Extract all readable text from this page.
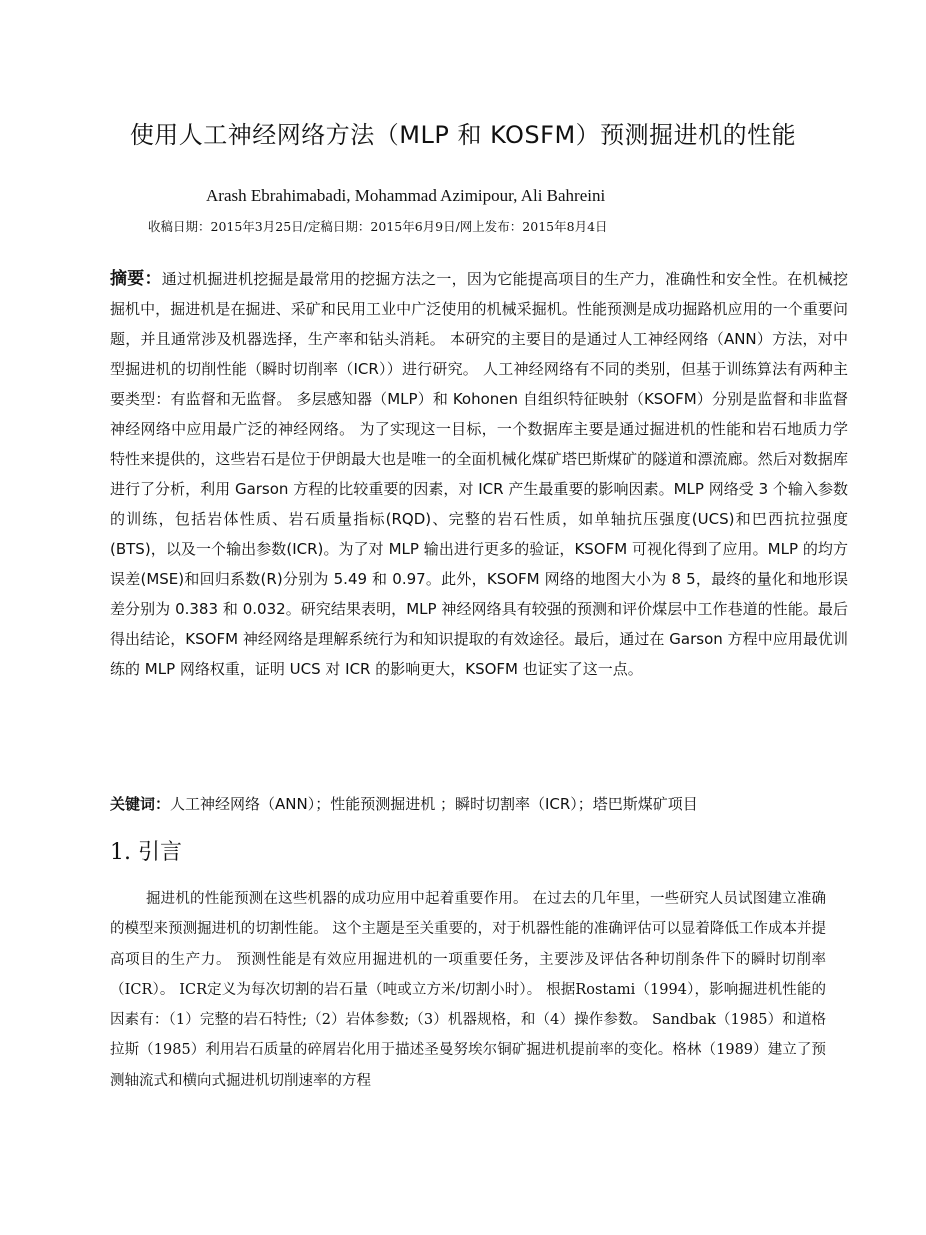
使用人工神经网络方法（MLP 和 KOSFM）预测掘进机的性能
Arash Ebrahimabadi, Mohammad Azimipour, Ali Bahreini
收稿日期：2015年3月25日/定稿日期：2015年6月9日/网上发布：2015年8月4日

摘要：通过机掘进机挖掘是最常用的挖掘方法之一，因为它能提高项目的生产力，准确性和安全性。在机械挖掘机中，掘进机是在掘进、采矿和民用工业中广泛使用的机械采掘机。性能预测是成功掘路机应用的一个重要问题，并且通常涉及机器选择，生产率和钻头消耗。 本研究的主要目的是通过人工神经网络（ANN）方法，对中型掘进机的切削性能（瞬时切削率（ICR））进行研究。 人工神经网络有不同的类别，但基于训练算法有两种主要类型：有监督和无监督。 多层感知器（MLP）和 Kohonen 自组织特征映射（KSOFM）分别是监督和非监督神经网络中应用最广泛的神经网络。 为了实现这一目标，一个数据库主要是通过掘进机的性能和岩石地质力学特性来提供的，这些岩石是位于伊朗最大也是唯一的全面机械化煤矿塔巴斯煤矿的隧道和漂流廊。然后对数据库进行了分析，利用 Garson 方程的比较重要的因素，对 ICR 产生最重要的影响因素。MLP 网络受 3 个输入参数的训练，包括岩体性质、岩石质量指标(RQD)、完整的岩石性质，如单轴抗压强度(UCS)和巴西抗拉强度(BTS)，以及一个输出参数(ICR)。为了对 MLP 输出进行更多的验证，KSOFM 可视化得到了应用。MLP 的均方误差(MSE)和回归系数(R)分别为 5.49 和 0.97。此外，KSOFM 网络的地图大小为 8 5，最终的量化和地形误差分别为 0.383 和 0.032。研究结果表明，MLP 神经网络具有较强的预测和评价煤层中工作巷道的性能。最后得出结论，KSOFM 神经网络是理解系统行为和知识提取的有效途径。最后，通过在 Garson 方程中应用最优训练的 MLP 网络权重，证明 UCS 对 ICR 的影响更大，KSOFM 也证实了这一点。

关键词：人工神经网络（ANN）；性能预测掘进机 ；瞬时切割率（ICR）；塔巴斯煤矿项目

1. 引言

掘进机的性能预测在这些机器的成功应用中起着重要作用。 在过去的几年里，一些研究人员试图建立准确的模型来预测掘进机的切割性能。 这个主题是至关重要的，对于机器性能的准确评估可以显着降低工作成本并提高项目的生产力。 预测性能是有效应用掘进机的一项重要任务，主要涉及评估各种切削条件下的瞬时切削率（ICR）。 ICR定义为每次切割的岩石量（吨或立方米/切割小时）。 根据Rostami（1994），影响掘进机性能的因素有：（1）完整的岩石特性;（2）岩体参数;（3）机器规格，和（4）操作参数。 Sandbak（1985）和道格拉斯（1985）利用岩石质量的碎屑岩化用于描述圣曼努埃尔铜矿掘进机提前率的变化。格林（1989）建立了预测轴流式和横向式掘进机切削速率的方程
